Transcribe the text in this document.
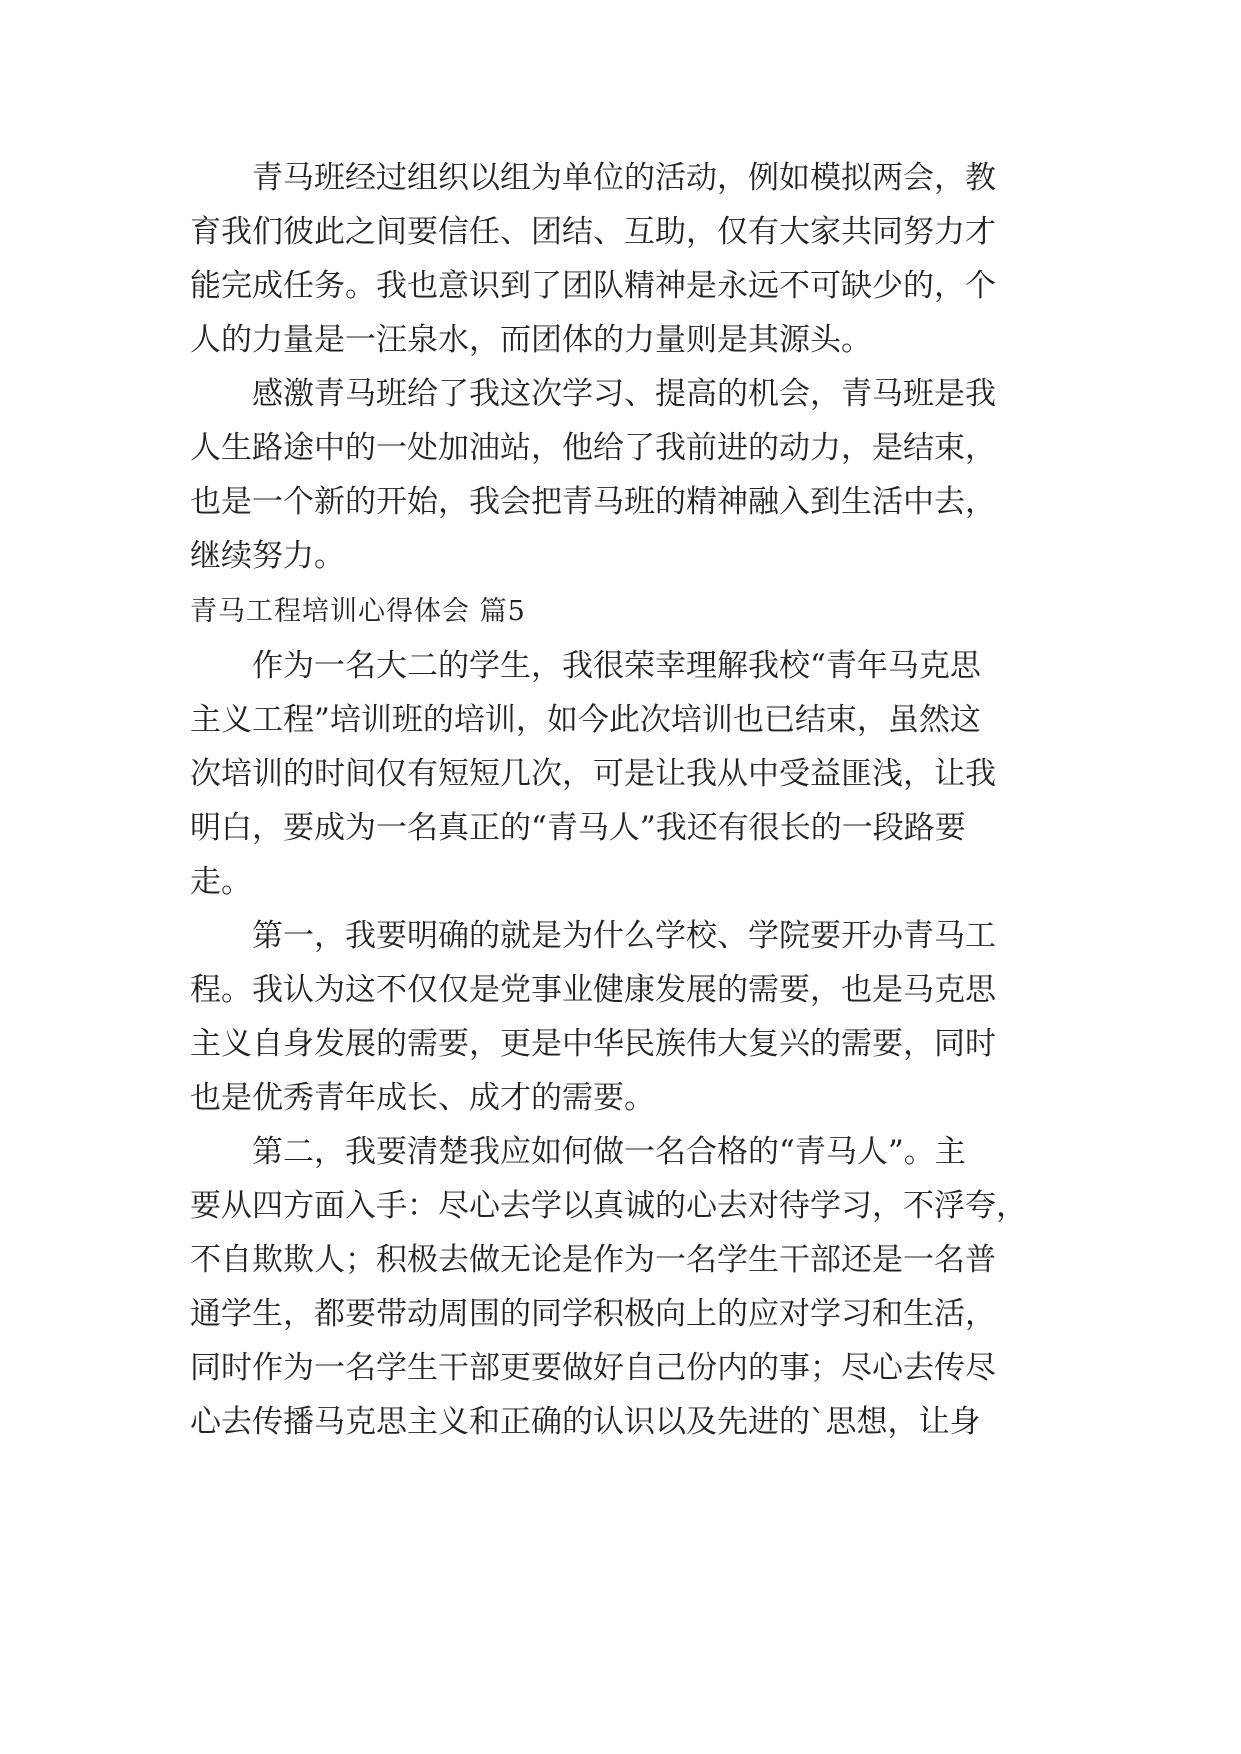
　　青马班经过组织以组为单位的活动，例如模拟两会，教
育我们彼此之间要信任、团结、互助，仅有大家共同努力才
能完成任务。我也意识到了团队精神是永远不可缺少的，个
人的力量是一汪泉水，而团体的力量则是其源头。
　　感激青马班给了我这次学习、提高的机会，青马班是我
人生路途中的一处加油站，他给了我前进的动力，是结束，
也是一个新的开始，我会把青马班的精神融入到生活中去，
继续努力。
青马工程培训心得体会 篇5
　　作为一名大二的学生，我很荣幸理解我校“青年马克思
主义工程”培训班的培训，如今此次培训也已结束，虽然这
次培训的时间仅有短短几次，可是让我从中受益匪浅，让我
明白，要成为一名真正的“青马人”我还有很长的一段路要
走。
　　第一，我要明确的就是为什么学校、学院要开办青马工
程。我认为这不仅仅是党事业健康发展的需要，也是马克思
主义自身发展的需要，更是中华民族伟大复兴的需要，同时
也是优秀青年成长、成才的需要。
　　第二，我要清楚我应如何做一名合格的“青马人”。主
要从四方面入手：尽心去学以真诚的心去对待学习，不浮夸，
不自欺欺人；积极去做无论是作为一名学生干部还是一名普
通学生，都要带动周围的同学积极向上的应对学习和生活，
同时作为一名学生干部更要做好自己份内的事；尽心去传尽
心去传播马克思主义和正确的认识以及先进的`思想，让身
